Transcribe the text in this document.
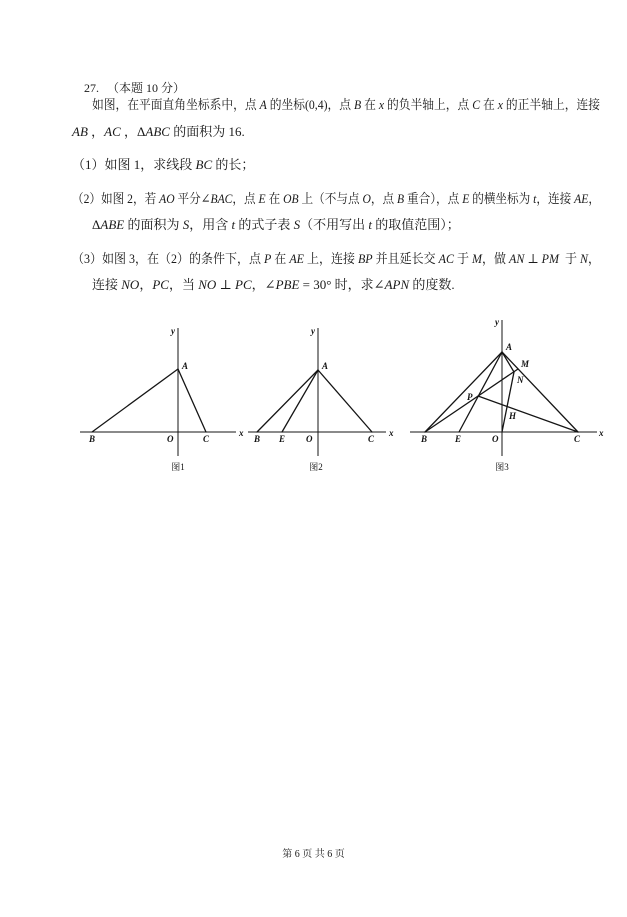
27. （本题 10 分）

如图，在平面直角坐标系中，点 A 的坐标(0,4)，点 B 在 x 的负半轴上，点 C 在 x 的正半轴上，连接
AB ，AC ，ΔABC 的面积为 16.
（1）如图 1，求线段 BC 的长；
（2）如图 2，若 AO 平分∠BAC，点 E 在 OB 上（不与点 O，点 B 重合），点 E 的横坐标为 t，连接 AE，
ΔABE 的面积为 S，用含 t 的式子表 S（不用写出 t 的取值范围）；
（3）如图 3，在（2）的条件下，点 P 在 AE 上，连接 BP 并且延长交 AC 于 M，做 AN ⊥ PM  于 N，
连接 NO，PC，当 NO ⊥ PC，∠PBE = 30° 时，求∠APN 的度数.
y
x
A
B	O	C
图1
y
x
A
B E O	C
图2
y
x
A
M
N
P
H
B	E	O	C
图3
第 6 页 共 6 页
